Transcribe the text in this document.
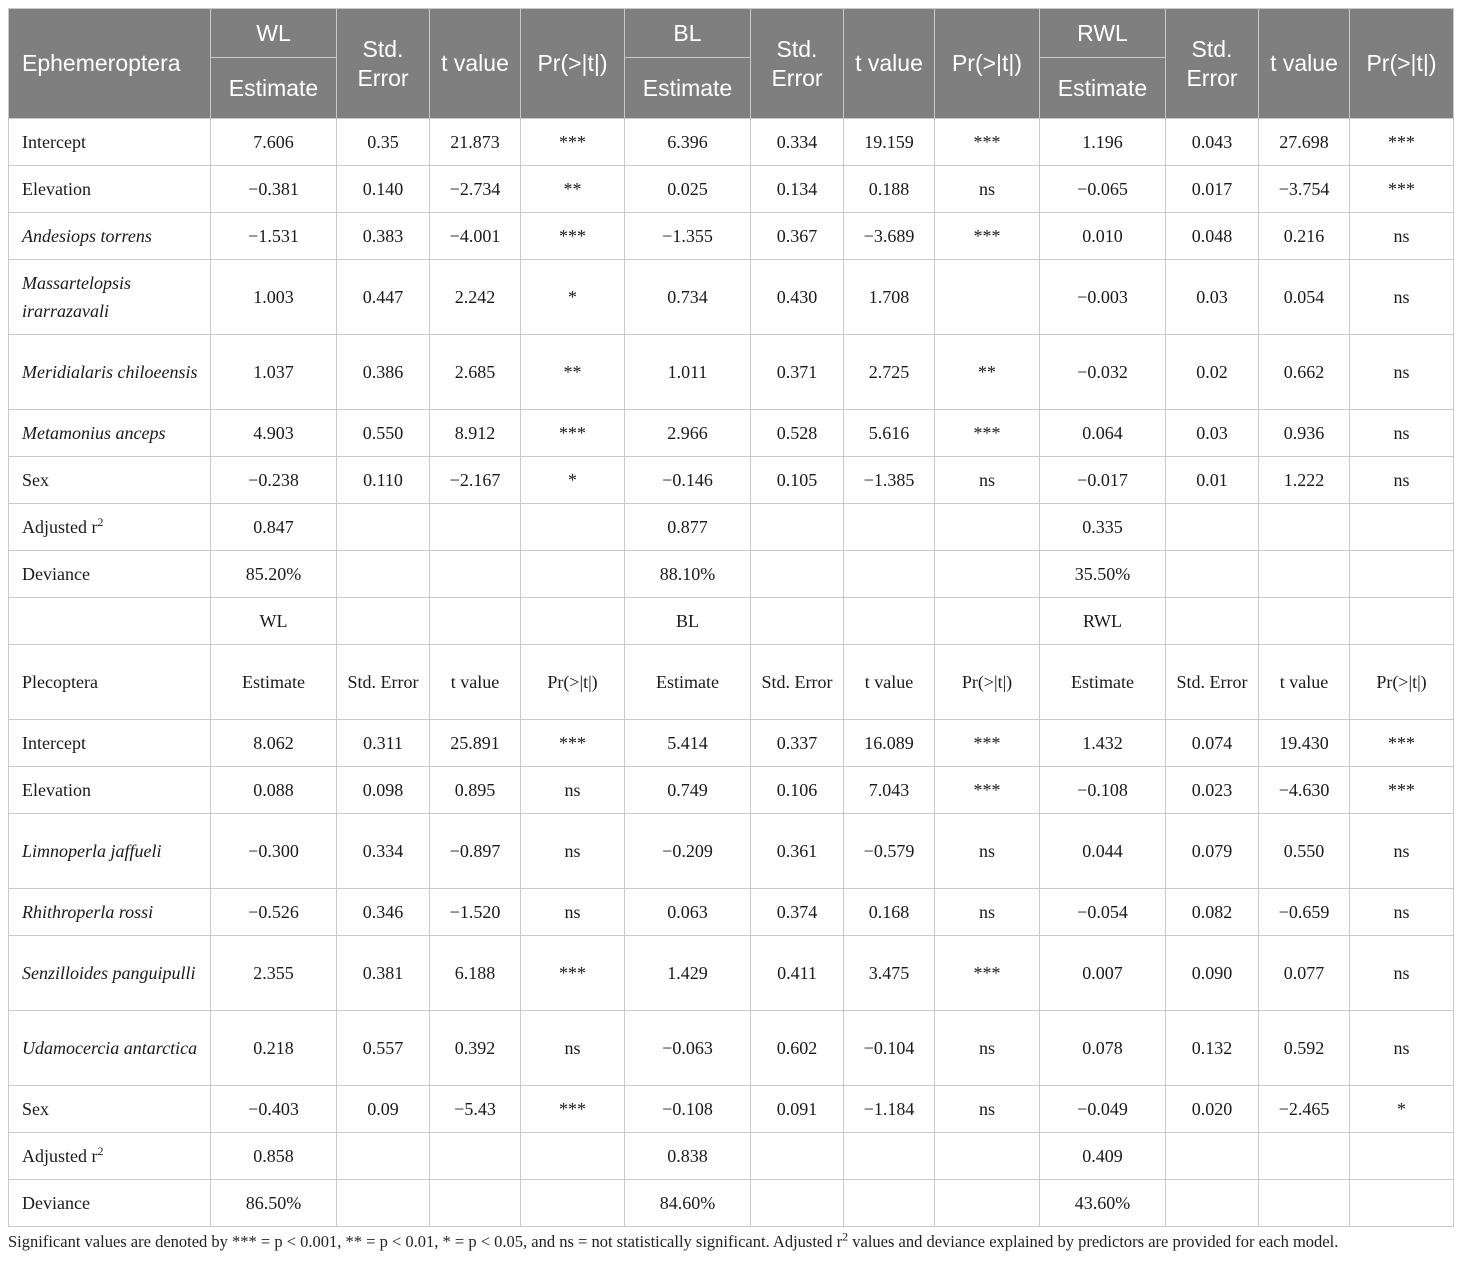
Ephemeroptera	WL	Std. Error	t value	Pr(>|t|)	BL	Std. Error	t value	Pr(>|t|)	RWL	Std. Error	t value	Pr(>|t|)
	Estimate				Estimate				Estimate			
Intercept	7.606	0.35	21.873	***	6.396	0.334	19.159	***	1.196	0.043	27.698	***
Elevation	−0.381	0.140	−2.734	**	0.025	0.134	0.188	ns	−0.065	0.017	−3.754	***
Andesiops torrens	−1.531	0.383	−4.001	***	−1.355	0.367	−3.689	***	0.010	0.048	0.216	ns
Massartelopsis irarrazavali	1.003	0.447	2.242	*	0.734	0.430	1.708		−0.003	0.03	0.054	ns
Meridialaris chiloeensis	1.037	0.386	2.685	**	1.011	0.371	2.725	**	−0.032	0.02	0.662	ns
Metamonius anceps	4.903	0.550	8.912	***	2.966	0.528	5.616	***	0.064	0.03	0.936	ns
Sex	−0.238	0.110	−2.167	*	−0.146	0.105	−1.385	ns	−0.017	0.01	1.222	ns
Adjusted $r^2$	0.847				0.877				0.335			
Deviance	85.20%				88.10%				35.50%			
	WL				BL				RWL			
Plecoptera	Estimate	Std. Error	t value	Pr(>|t|)	Estimate	Std. Error	t value	Pr(>|t|)	Estimate	Std. Error	t value	Pr(>|t|)
Intercept	8.062	0.311	25.891	***	5.414	0.337	16.089	***	1.432	0.074	19.430	***
Elevation	0.088	0.098	0.895	ns	0.749	0.106	7.043	***	−0.108	0.023	−4.630	***
Limnoperla jaffueli	−0.300	0.334	−0.897	ns	−0.209	0.361	−0.579	ns	0.044	0.079	0.550	ns
Rhithroperla rossi	−0.526	0.346	−1.520	ns	0.063	0.374	0.168	ns	−0.054	0.082	−0.659	ns
Senzilloides panguipulli	2.355	0.381	6.188	***	1.429	0.411	3.475	***	0.007	0.090	0.077	ns
Udamocercia antarctica	0.218	0.557	0.392	ns	−0.063	0.602	−0.104	ns	0.078	0.132	0.592	ns
Sex	−0.403	0.09	−5.43	***	−0.108	0.091	−1.184	ns	−0.049	0.020	−2.465	*
Adjusted $r^2$	0.858				0.838				0.409			
Deviance	86.50%				84.60%				43.60%			
Significant values are denoted by *** = p < 0.001, ** = p < 0.01, * = p < 0.05, and ns = not statistically significant. Adjusted $r^2$ values and deviance explained by predictors are provided for each model.
